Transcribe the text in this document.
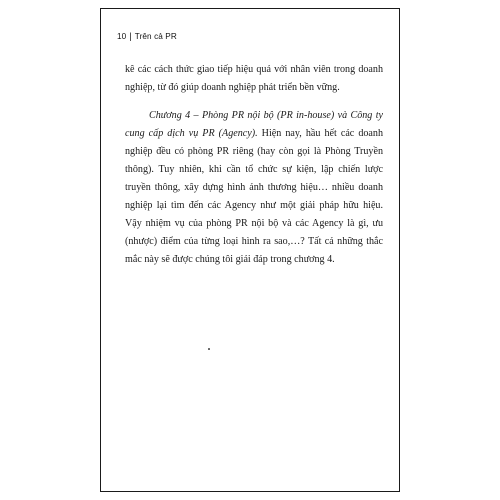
10 | Trên cả PR

kê các cách thức giao tiếp hiệu quả với nhân viên trong doanh nghiệp, từ đó giúp doanh nghiệp phát triển bền vững.

Chương 4 – Phòng PR nội bộ (PR in-house) và Công ty cung cấp dịch vụ PR (Agency). Hiện nay, hầu hết các doanh nghiệp đều có phòng PR riêng (hay còn gọi là Phòng Truyền thông). Tuy nhiên, khi cần tổ chức sự kiện, lập chiến lược truyền thông, xây dựng hình ảnh thương hiệu… nhiều doanh nghiệp lại tìm đến các Agency như một giải pháp hữu hiệu. Vậy nhiệm vụ của phòng PR nội bộ và các Agency là gì, ưu (nhược) điểm của từng loại hình ra sao,…? Tất cả những thắc mắc này sẽ được chúng tôi giải đáp trong chương 4.
